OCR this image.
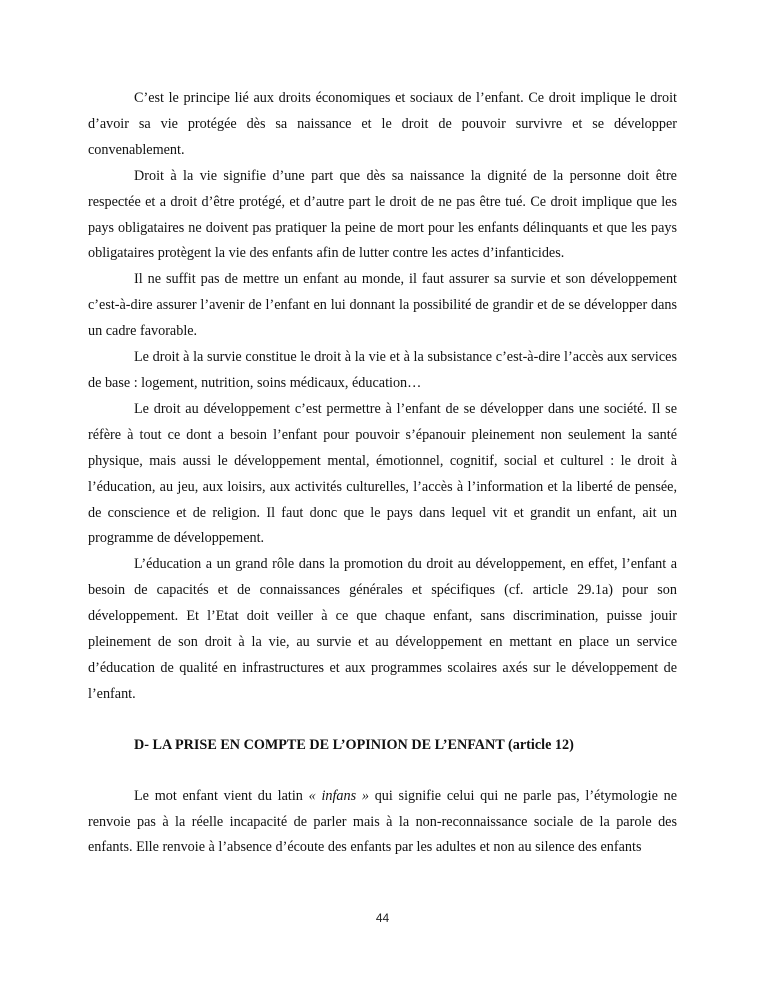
C’est le principe lié aux droits économiques et sociaux de l’enfant. Ce droit implique le droit d’avoir sa vie protégée dès sa naissance et le droit de pouvoir survivre et se développer convenablement.

Droit à la vie signifie d’une part que dès sa naissance la dignité de la personne doit être respectée et a droit d’être protégé, et d’autre part le droit de ne pas être tué. Ce droit implique que les pays obligataires ne doivent pas pratiquer la peine de mort pour les enfants délinquants et que les pays obligataires protègent la vie des enfants afin de lutter contre les actes d’infanticides.

Il ne suffit pas de mettre un enfant au monde, il faut assurer sa survie et son développement c’est-à-dire assurer l’avenir de l’enfant en lui donnant la possibilité de grandir et de se développer dans un cadre favorable.

Le droit à la survie constitue le droit à la vie et à la subsistance c’est-à-dire l’accès aux services de base : logement, nutrition, soins médicaux, éducation…

Le droit au développement c’est permettre à l’enfant de se développer dans une société. Il se réfère à tout ce dont a besoin l’enfant pour pouvoir s’épanouir pleinement non seulement la santé physique, mais aussi le développement mental, émotionnel, cognitif, social et culturel : le droit à l’éducation, au jeu, aux loisirs, aux activités culturelles, l’accès à l’information et la liberté de pensée, de conscience et de religion. Il faut donc que le pays dans lequel vit et grandit un enfant, ait un programme de développement.

L’éducation a un grand rôle dans la promotion du droit au développement, en effet, l’enfant a besoin de capacités et de connaissances générales et spécifiques (cf. article 29.1a) pour son développement. Et l’Etat doit veiller à ce que chaque enfant, sans discrimination, puisse jouir pleinement de son droit à la vie, au survie et au développement en mettant en place un service d’éducation de qualité en infrastructures et aux programmes scolaires axés sur le développement de l’enfant.

D- LA PRISE EN COMPTE DE L’OPINION DE L’ENFANT (article 12)

Le mot enfant vient du latin « infans » qui signifie celui qui ne parle pas, l’étymologie ne renvoie pas à la réelle incapacité de parler mais à la non-reconnaissance sociale de la parole des enfants. Elle renvoie à l’absence d’écoute des enfants par les adultes et non au silence des enfants

44
